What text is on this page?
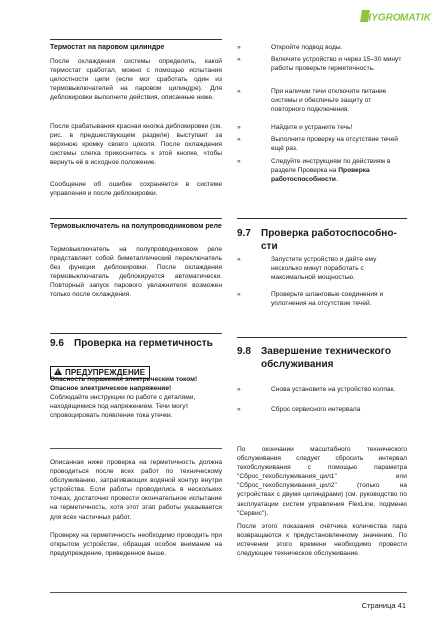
HYGRO MATIK
Термостат на паровом цилиндре
После охлаждения системы определить, какой термостат сработал, можно с помощью испытания целостности цепи (если мог сработать один из термовыключателей на паровом цилиндре). Для деблокировки выполните действия, описанные ниже.
После срабатывания красная кнопка деблокировки (см. рис. в предшествующем разделе) выступает за верхнюю кромку своего цоколя. После охлаждения системы слегка прикоснитесь к этой кнопке, чтобы вернуть её в исходное положение.
Сообщение об ошибке сохраняется в системе управления и после деблокировки.
Термовыключатель на полупроводниковом реле
Термовыключатель на полупроводниковом реле представляет собой биметаллический переключатель без функции деблокировки. После охлаждения термовыключатель деблокируется автоматически. Повторный запуск парового увлажнителя возможен только после охлаждения.
9.6 Проверка на герметичность
!ПРЕДУПРЕЖДЕНИЕ
Опасность поражения электрическим током! Опасное электрическое напряжение!
Соблюдайте инструкции по работе с деталями, находящимися под напряжением. Течи могут спровоцировать появление тока утечки.
Описанная ниже проверка на герметичность должна проводиться после всех работ по техническому обслуживанию, затрагивающих водяной контур внутри устройства. Если работы проводились в нескольких точках, достаточно провести окончательное испытание на герметичность, хотя этот этап работы указывается для всех частичных работ.
Проверку на герметичность необходимо проводить при открытом устройстве, обращая особое внимание на предупреждение, приведенное выше.
»	Откройте подвод воды.
»	Включите устройство и через 15–30 минут работы проверьте герметичность.
»	При наличии течи отключите питание системы и обеспечьте защиту от повторного подключения.
»	Найдите и устраните течь!
»	Выполните проверку на отсутствие течей ещё раз.
»	Следуйте инструкциям по действиям в разделе Проверка на Проверка работоспособности.
9.7 Проверка работоспособно-
сти
»	Запустите устройство и дайте ему несколько минут поработать с максимальной мощностью.
»	Проверьте шланговые соединения и уплотнения на отсутствие течей.
9.8 Завершение технического
обслуживания
»	Снова установите на устройство колпак.
»	Сброс сервисного интервала
По окончании масштабного технического обслуживания следует сбросить интервал техобслуживания с помощью параметра "Сброс_техобслуживания_цил1" или "Сброс_техобслуживания_цил2" (только на устройствах с двумя цилиндрами) (см. руководство по эксплуатации систем управления FlexLine, подменю "Сервис").
После этого показания счётчика количества пара возвращаются к предустановленному значению. По истечении этого времени необходимо провести следующее техническое обслуживание.
Страница 41
